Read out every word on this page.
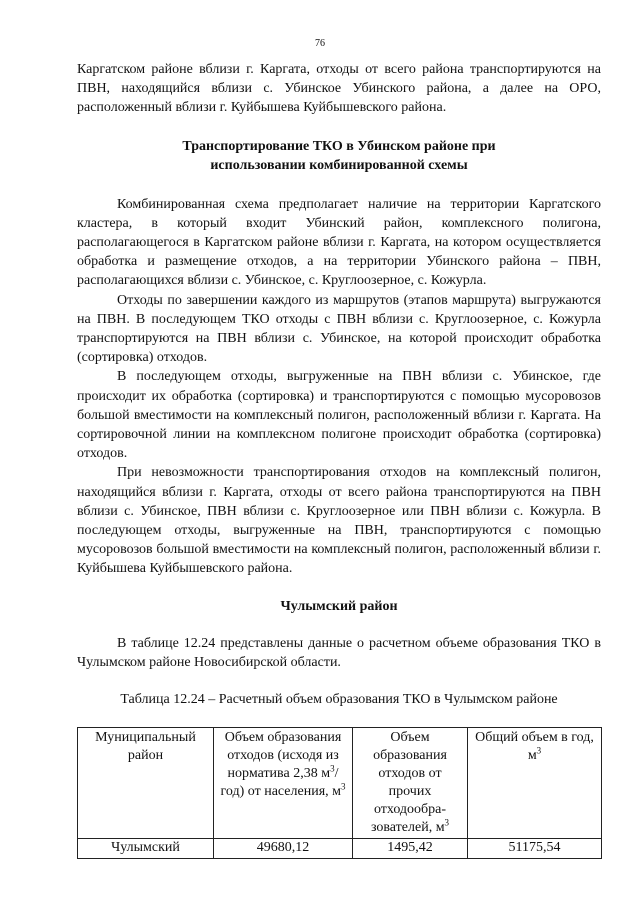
76

Каргатском районе вблизи г. Каргата, отходы от всего района транспортируются на ПВН, находящийся вблизи с. Убинское Убинского района, а далее на ОРО, расположенный вблизи г. Куйбышева Куйбышевского района.

Транспортирование ТКО в Убинском районе при использовании комбинированной схемы

Комбинированная схема предполагает наличие на территории Каргатского кластера, в который входит Убинский район, комплексного полигона, располагающегося в Каргатском районе вблизи г. Каргата, на котором осуществляется обработка и размещение отходов, а на территории Убинского района – ПВН, располагающихся вблизи с. Убинское, с. Круглоозерное, с. Кожурла.

Отходы по завершении каждого из маршрутов (этапов маршрута) выгружаются на ПВН. В последующем ТКО отходы с ПВН вблизи с. Круглоозерное, с. Кожурла транспортируются на ПВН вблизи с. Убинское, на которой происходит обработка (сортировка) отходов.

В последующем отходы, выгруженные на ПВН вблизи с. Убинское, где происходит их обработка (сортировка) и транспортируются с помощью мусоровозов большой вместимости на комплексный полигон, расположенный вблизи г. Каргата. На сортировочной линии на комплексном полигоне происходит обработка (сортировка) отходов.

При невозможности транспортирования отходов на комплексный полигон, находящийся вблизи г. Каргата, отходы от всего района транспортируются на ПВН вблизи с. Убинское, ПВН вблизи с. Круглоозерное или ПВН вблизи с. Кожурла. В последующем отходы, выгруженные на ПВН, транспортируются с помощью мусоровозов большой вместимости на комплексный полигон, расположенный вблизи г. Куйбышева Куйбышевского района.

Чулымский район

В таблице 12.24 представлены данные о расчетном объеме образования ТКО в Чулымском районе Новосибирской области.

Таблица 12.24 – Расчетный объем образования ТКО в Чулымском районе

Муниципальный район	Объем образования отходов (исходя из норматива 2,38 $м^3/год$) от населения, $м^3$	Объем образования отходов от прочих отходообра-зователей, $м^3$	Общий объем в год, $м^3$
Чулымский	49680,12	1495,42	51175,54
